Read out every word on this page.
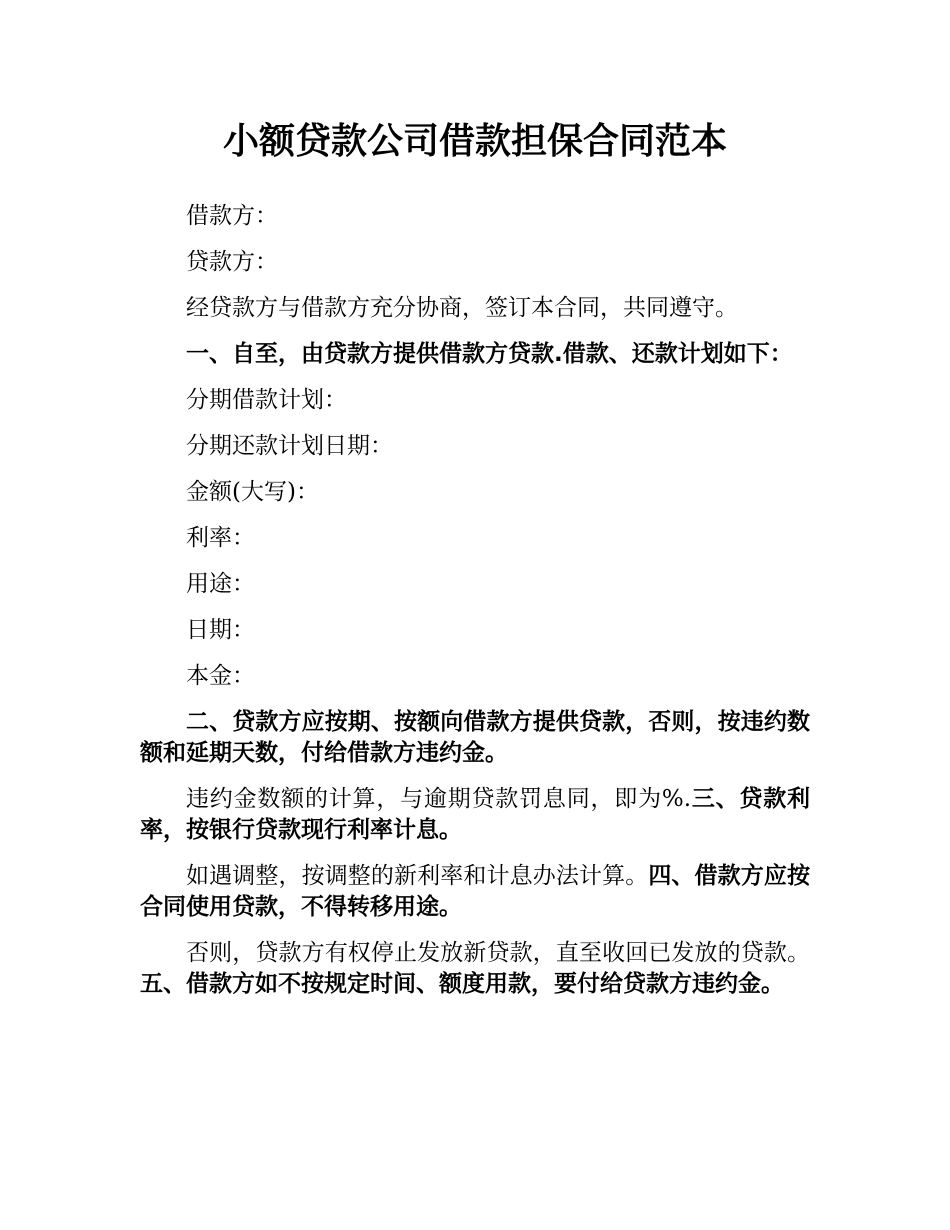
小额贷款公司借款担保合同范本

借款方：

贷款方：

经贷款方与借款方充分协商，签订本合同，共同遵守。

一、自至，由贷款方提供借款方贷款.借款、还款计划如下：

分期借款计划：

分期还款计划日期：

金额(大写)：

利率：

用途：

日期：

本金：

二、贷款方应按期、按额向借款方提供贷款，否则，按违约数额和延期天数，付给借款方违约金。

违约金数额的计算，与逾期贷款罚息同，即为%.三、贷款利率，按银行贷款现行利率计息。

如遇调整，按调整的新利率和计息办法计算。四、借款方应按合同使用贷款，不得转移用途。

否则，贷款方有权停止发放新贷款，直至收回已发放的贷款。五、借款方如不按规定时间、额度用款，要付给贷款方违约金。
